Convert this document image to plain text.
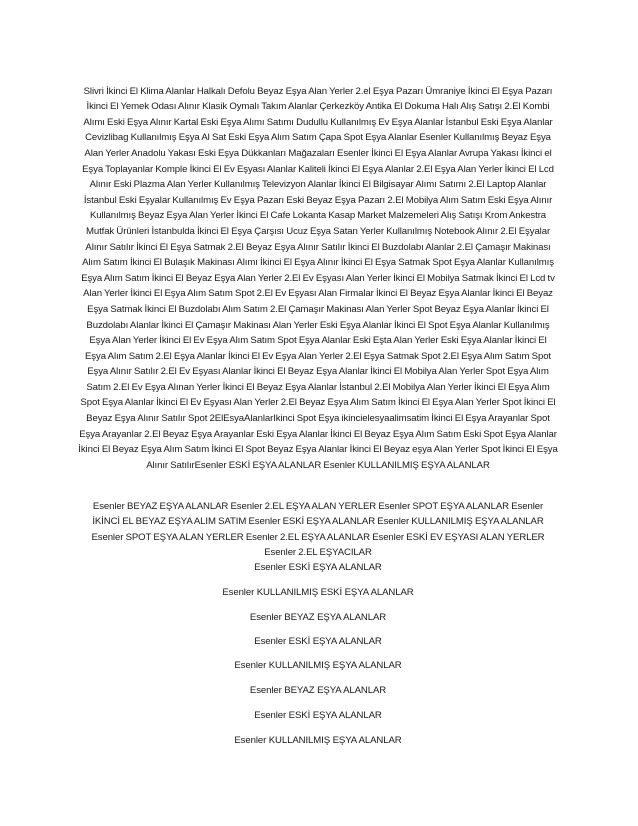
Slivri İkinci El Klima Alanlar Halkalı Defolu Beyaz Eşya Alan Yerler 2.el Eşya Pazarı Ümraniye İkinci El Eşya Pazarı İkinci El Yemek Odası Alınır Klasik Oymalı Takım Alanlar Çerkezköy Antika El Dokuma Halı Alış Satışı 2.El Kombi Alımı Eski Eşya Alınır Kartal Eski Eşya Alımı Satımı Dudullu Kullanılmış Ev Eşya Alanlar İstanbul Eski Eşya Alanlar Cevizlibag Kullanılmış Eşya Al Sat Eski Eşya Alım Satım Çapa Spot Eşya Alanlar Esenler Kullanılmış Beyaz Eşya Alan Yerler Anadolu Yakası Eski Eşya Dükkanları Mağazaları Esenler İkinci El Eşya Alanlar Avrupa Yakası İkinci el Eşya Toplayanlar Komple İkinci El Ev Eşyası Alanlar Kaliteli İkinci El Eşya Alanlar 2.El Eşya Alan Yerler İkinci El Lcd Alınır Eski Plazma Alan Yerler Kullanılmış Televizyon Alanlar İkinci El Bilgisayar Alımı Satımı 2.El Laptop Alanlar İstanbul Eski Eşyalar Kullanılmış Ev Eşya Pazarı Eski Beyaz Eşya Pazarı 2.El Mobilya Alım Satım Eski Eşya Alınır Kullanılmış Beyaz Eşya Alan Yerler İkinci El Cafe Lokanta Kasap Market Malzemeleri Alış Satışı Krom Ankestra Mutfak Ürünleri İstanbulda İkinci El Eşya Çarşısı Ucuz Eşya Satan Yerler Kullanılmış Notebook Alınır 2.El Eşyalar Alınır Satılır İkinci El Eşya Satmak 2.El Beyaz Eşya Alınır Satılır İkinci El Buzdolabı Alanlar 2.El Çamaşır Makinası Alım Satım İkinci El Bulaşık Makinası Alımı İkinci El Eşya Alınır İkinci El Eşya Satmak Spot Eşya Alanlar Kullanılmış Eşya Alım Satım İkinci El Beyaz Eşya Alan Yerler 2.El Ev Eşyası Alan Yerler İkinci El Mobilya Satmak İkinci El Lcd tv Alan Yerler İkinci El Eşya Alım Satım Spot 2.El Ev Eşyası Alan Firmalar İkinci El Beyaz Eşya Alanlar İkinci El Beyaz Eşya Satmak İkinci El Buzdolabı Alım Satım 2.El Çamaşır Makinası Alan Yerler Spot Beyaz Eşya Alanlar İkinci El Buzdolabı Alanlar İkinci El Çamaşır Makinası Alan Yerler Eski Eşya Alanlar İkinci El Spot Eşya Alanlar Kullanılmış Eşya Alan Yerler İkinci El Ev Eşya Alım Satım Spot Eşya Alanlar Eski Eşta Alan Yerler Eski Eşya Alanlar İkinci El Eşya Alım Satım 2.El Eşya Alanlar İkinci El Ev Eşya Alan Yerler 2.El Eşya Satmak Spot 2.El Eşya Alım Satım Spot Eşya Alınır Satılır 2.El Ev Eşyası Alanlar İkinci El Beyaz Eşya Alanlar İkinci El Mobilya Alan Yerler Spot Eşya Alım Satım 2.El Ev Eşya Alınan Yerler İkinci El Beyaz Eşya Alanlar İstanbul 2.El Mobilya Alan Yerler İkinci El Eşya Alım Spot Eşya Alanlar İkinci El Ev Eşyası Alan Yerler 2.El Beyaz Eşya Alım Satım İkinci El Eşya Alan Yerler Spot İkinci El Beyaz Eşya Alınır Satılır Spot 2ElEsyaAlanlarIkinci Spot Eşya ikincielesyaalimsatim İkinci El Eşya Arayanlar Spot Eşya Arayanlar 2.El Beyaz Eşya Arayanlar Eski Eşya Alanlar İkinci El Beyaz Eşya Alım Satım Eski Spot Eşya Alanlar İkinci El Beyaz Eşya Alım Satım İkinci El Spot Beyaz Eşya Alanlar İkinci El Beyaz eşya Alan Yerler Spot İkinci El Eşya Alınır SatılırEsenler ESKİ EŞYA ALANLAR Esenler KULLANILMIŞ EŞYA ALANLAR

Esenler BEYAZ EŞYA ALANLAR Esenler 2.EL EŞYA ALAN YERLER Esenler SPOT EŞYA ALANLAR Esenler İKİNCİ EL BEYAZ EŞYA ALIM SATIM Esenler ESKİ EŞYA ALANLAR Esenler KULLANILMIŞ EŞYA ALANLAR Esenler SPOT EŞYA ALAN YERLER Esenler 2.EL EŞYA ALANLAR Esenler ESKİ EV EŞYASI ALAN YERLER Esenler 2.EL EŞYACILAR

Esenler ESKİ EŞYA ALANLAR
Esenler KULLANILMIŞ ESKİ EŞYA ALANLAR
Esenler BEYAZ EŞYA ALANLAR
Esenler ESKİ EŞYA ALANLAR
Esenler KULLANILMIŞ EŞYA ALANLAR
Esenler BEYAZ EŞYA ALANLAR
Esenler ESKİ EŞYA ALANLAR
Esenler KULLANILMIŞ EŞYA ALANLAR
